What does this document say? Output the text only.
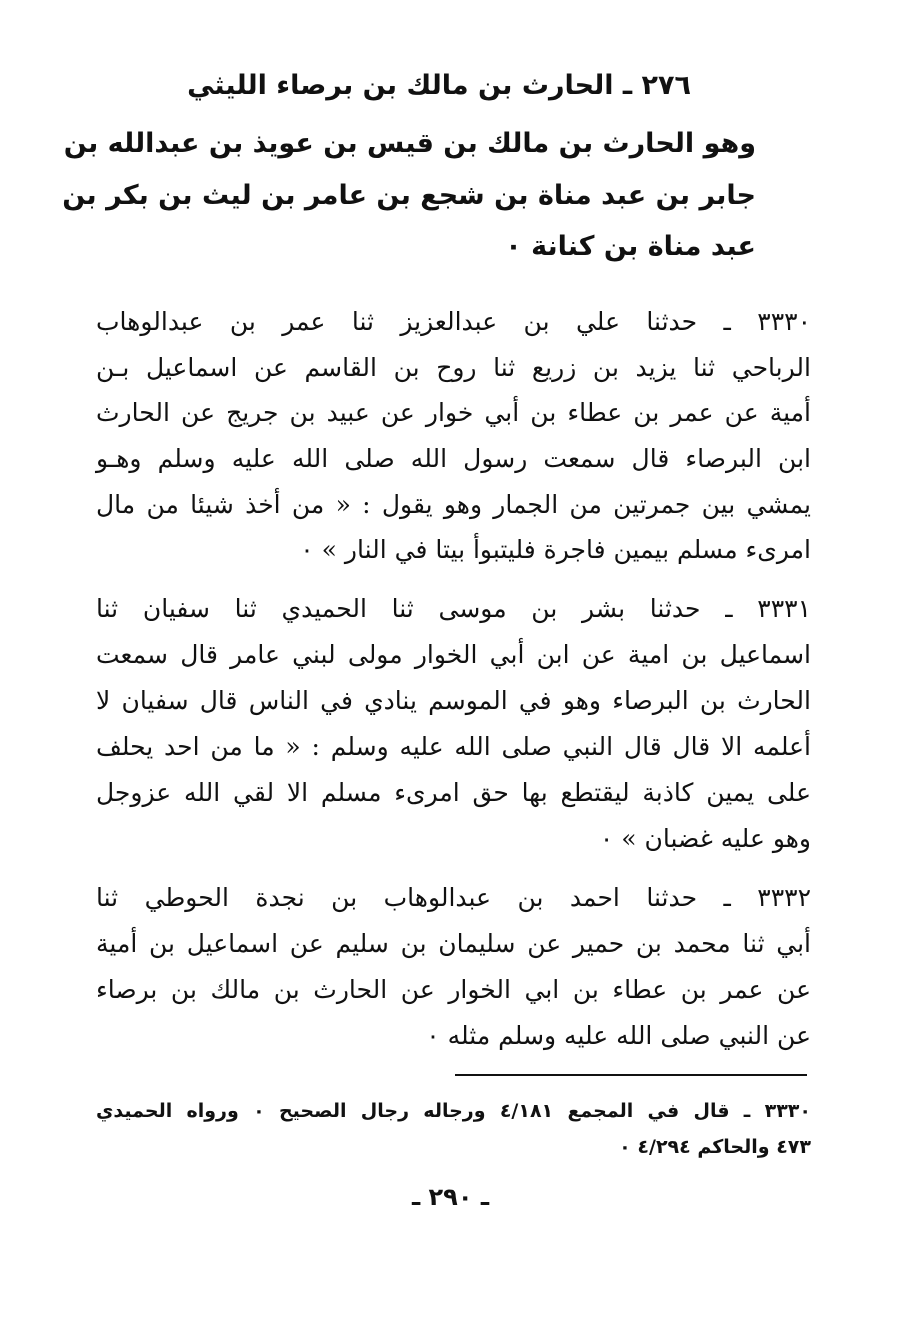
٢٧٦ ـ الحارث بن مالك بن برصاء الليثي
وهو الحارث بن مالك بن قيس بن عويذ بن عبدالله بن
جابر بن عبد مناة بن شجع بن عامر بن ليث بن بكر بن
عبد مناة بن كنانة ٠
٣٣٣٠ ـ حدثنا علي بن عبدالعزيز ثنا عمر بن عبدالوهاب
الرباحي ثنا يزيد بن زريع ثنا روح بن القاسم عن اسماعيل بـن
أمية عن عمر بن عطاء بن أبي خوار عن عبيد بن جريج عن الحارث
ابن البرصاء قال سمعت رسول الله صلى الله عليه وسلم وهـو
يمشي بين جمرتين من الجمار وهو يقول : « من أخذ شيئا من مال
امرىء مسلم بيمين فاجرة فليتبوأ بيتا في النار » ٠
٣٣٣١ ـ حدثنا بشر بن موسى ثنا الحميدي ثنا سفيان ثنا
اسماعيل بن امية عن ابن أبي الخوار مولى لبني عامر قال سمعت
الحارث بن البرصاء وهو في الموسم ينادي في الناس قال سفيان لا
أعلمه الا قال قال النبي صلى الله عليه وسلم : « ما من احد يحلف
على يمين كاذبة ليقتطع بها حق امرىء مسلم الا لقي الله عزوجل
وهو عليه غضبان » ٠
٣٣٣٢ ـ حدثنا احمد بن عبدالوهاب بن نجدة الحوطي ثنا
أبي ثنا محمد بن حمير عن سليمان بن سليم عن اسماعيل بن أمية
عن عمر بن عطاء بن ابي الخوار عن الحارث بن مالك بن برصاء
عن النبي صلى الله عليه وسلم مثله ٠
٣٣٣٠ ـ قال في المجمع ٤/١٨١ ورجاله رجال الصحيح ٠ ورواه الحميدي
٤٧٣ والحاكم ٤/٢٩٤ ٠
ـ ٢٩٠ ـ
